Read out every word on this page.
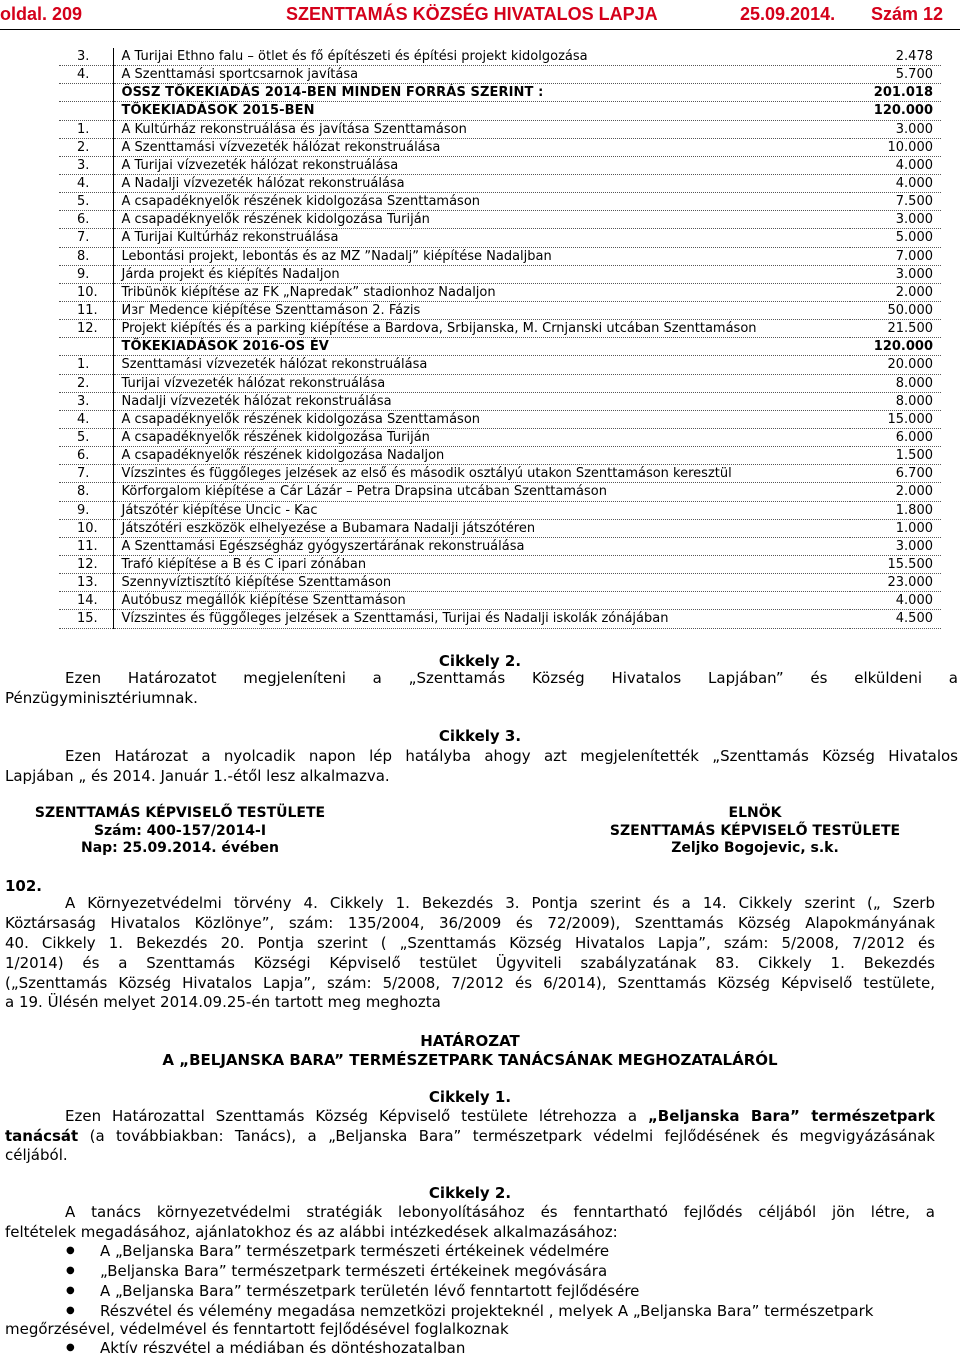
oldal. 209	SZENTTAMÁS KÖZSÉG HIVATALOS LAPJA	25.09.2014. Szám 12
3.	A Turijai Ethno falu – ötlet és fő építészeti és építési projekt kidolgozása	2.478
4.	A Szenttamási sportcsarnok javítása	5.700
	ÖSSZ TŐKEKIADÁS 2014-BEN MINDEN FORRÁS SZERINT :	201.018
	TŐKEKIADÁSOK 2015-BEN	120.000
1.	A Kultúrház rekonstruálása és javítása Szenttamáson	3.000
2.	A Szenttamási vízvezeték hálózat rekonstruálása	10.000
3.	A Turijai vízvezeték hálózat rekonstruálása	4.000
4.	A Nadalji vízvezeték hálózat rekonstruálása	4.000
5.	A csapadéknyelők részének kidolgozása Szenttamáson	7.500
6.	A csapadéknyelők részének kidolgozása Turiján	3.000
7.	A Turijai Kultúrház rekonstruálása	5.000
8.	Lebontási projekt, lebontás és az MZ ˮNadaljˮ kiépítése Nadaljban	7.000
9.	Járda projekt és kiépítés Nadaljon	3.000
10.	Tribünök kiépítése az FK „Napredak” stadionhoz Nadaljon	2.000
11.	Изг Medence kiépítése Szenttamáson 2. Fázis	50.000
12.	Projekt kiépítés és a parking kiépítése a Bardova, Srbijanska, M. Crnjanski utcában Szenttamáson	21.500
	TŐKEKIADÁSOK 2016-OS ÉV	120.000
1.	Szenttamási vízvezeték hálózat rekonstruálása	20.000
2.	Turijai vízvezeték hálózat rekonstruálása	8.000
3.	Nadalji vízvezeték hálózat rekonstruálása	8.000
4.	A csapadéknyelők részének kidolgozása Szenttamáson	15.000
5.	A csapadéknyelők részének kidolgozása Turiján	6.000
6.	A csapadéknyelők részének kidolgozása Nadaljon	1.500
7.	Vízszintes és függőleges jelzések az első és második osztályú utakon Szenttamáson keresztül	6.700
8.	Körforgalom kiépítése a Cár Lázár – Petra Drapsina utcában Szenttamáson	2.000
9.	Játszótér kiépítése Uncic - Kac	1.800
10.	Játszótéri eszközök elhelyezése a Bubamara Nadalji játszótéren	1.000
11.	A Szenttamási Egészségház gyógyszertárának rekonstruálása	3.000
12.	Trafó kiépítése a B és C ipari zónában	15.500
13.	Szennyvíztisztító kiépítése Szenttamáson	23.000
14.	Autóbusz megállók kiépítése Szenttamáson	4.000
15.	Vízszintes és függőleges jelzések a Szenttamási, Turijai és Nadalji iskolák zónájában	4.500
Cikkely 2.
Ezen Határozatot megjeleníteni a „Szenttamás Község Hivatalos Lapjában” és elküldeni a
Pénzügyminisztériumnak.
Cikkely 3.
Ezen Határozat a nyolcadik napon lép hatályba ahogy azt megjelenítették „Szenttamás Község Hivatalos
Lapjában „ és 2014. Január 1.-étől lesz alkalmazva.
SZENTTAMÁS KÉPVISELŐ TESTÜLETE
Szám: 400-157/2014-I
Nap: 25.09.2014. évében
ELNÖK
SZENTTAMÁS KÉPVISELŐ TESTÜLETE
Zeljko Bogojevic, s.k.
102.
A Környezetvédelmi törvény 4. Cikkely 1. Bekezdés 3. Pontja szerint és a 14. Cikkely szerint („ Szerb
Köztársaság Hivatalos Közlönye”, szám: 135/2004, 36/2009 és 72/2009), Szenttamás Község Alapokmányának
40. Cikkely 1. Bekezdés 20. Pontja szerint ( „Szenttamás Község Hivatalos Lapja”, szám: 5/2008, 7/2012 és
1/2014) és a Szenttamás Községi Képviselő testület Ügyviteli szabályzatának 83. Cikkely 1. Bekezdés
(„Szenttamás Község Hivatalos Lapja”, szám: 5/2008, 7/2012 és 6/2014), Szenttamás Község Képviselő testülete,
a 19. Ülésén melyet 2014.09.25-én tartott meg meghozta
HATÁROZAT
A „BELJANSKA BARA” TERMÉSZETPARK TANÁCSÁNAK MEGHOZATALÁRÓL
Cikkely 1.
Ezen Határozattal Szenttamás Község Képviselő testülete létrehozza a „Beljanska Bara” természetpark
tanácsát (a továbbiakban: Tanács), a „Beljanska Bara” természetpark védelmi fejlődésének és megvigyázásának
céljából.
Cikkely 2.
A tanács környezetvédelmi stratégiák lebonyolításához és fenntartható fejlődés céljából jön létre, a
feltételek megadásához, ajánlatokhoz és az alábbi intézkedések alkalmazásához:
● A „Beljanska Bara” természetpark természeti értékeinek védelmére
● „Beljanska Bara” természetpark természeti értékeinek megóvására
● A „Beljanska Bara” természetpark területén lévő fenntartott fejlődésére
● Részvétel és vélemény megadása nemzetközi projekteknél , melyek A „Beljanska Bara” természetpark
megőrzésével, védelmével és fenntartott fejlődésével foglalkoznak
● Aktív részvétel a médiában és döntéshozatalban
